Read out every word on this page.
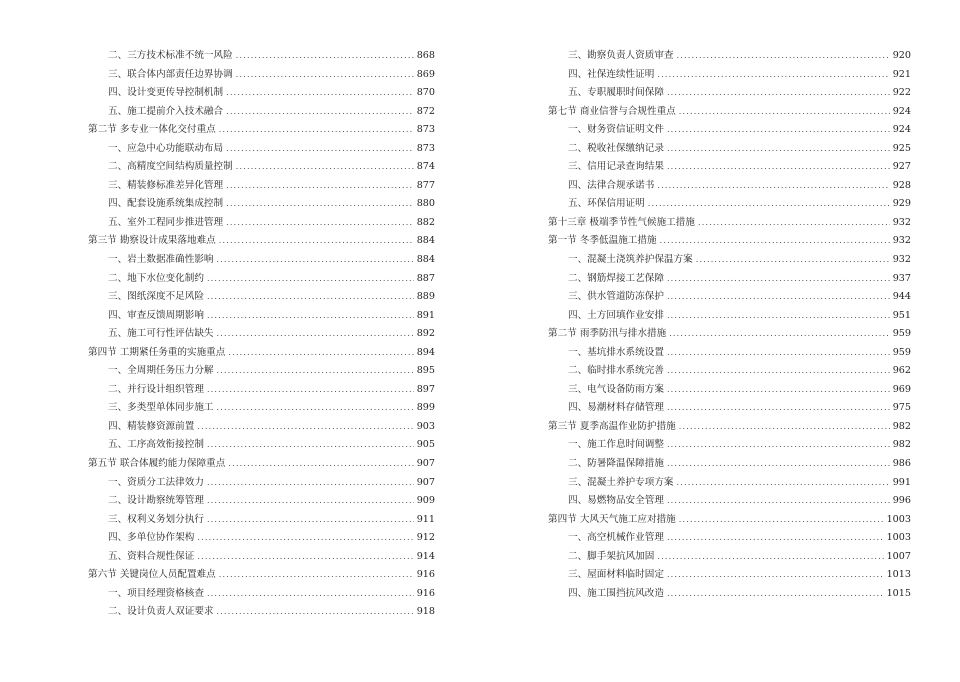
二、三方技术标准不统一风险 .....	868
三、联合体内部责任边界协调 .....	869
四、设计变更传导控制机制 .....	870
五、施工提前介入技术融合 .....	872
第二节 多专业一体化交付重点 .....	873
一、应急中心功能联动布局 .....	873
二、高精度空间结构质量控制 .....	874
三、精装修标准差异化管理 .....	877
四、配套设施系统集成控制 .....	880
五、室外工程同步推进管理 .....	882
第三节 勘察设计成果落地难点 .....	884
一、岩土数据准确性影响 .....	884
二、地下水位变化制约 .....	887
三、图纸深度不足风险 .....	889
四、审查反馈周期影响 .....	891
五、施工可行性评估缺失 .....	892
第四节 工期紧任务重的实施重点 .....	894
一、全周期任务压力分解 .....	895
二、并行设计组织管理 .....	897
三、多类型单体同步施工 .....	899
四、精装修资源前置 .....	903
五、工序高效衔接控制 .....	905
第五节 联合体履约能力保障重点 .....	907
一、资质分工法律效力 .....	907
二、设计勘察统筹管理 .....	909
三、权利义务划分执行 .....	911
四、多单位协作架构 .....	912
五、资料合规性保证 .....	914
第六节 关键岗位人员配置难点 .....	916
一、项目经理资格核查 .....	916
二、设计负责人双证要求 .....	918
三、勘察负责人资质审查 .....	920
四、社保连续性证明 .....	921
五、专职履职时间保障 .....	922
第七节 商业信誉与合规性重点 .....	924
一、财务资信证明文件 .....	924
二、税收社保缴纳记录 .....	925
三、信用记录查询结果 .....	927
四、法律合规承诺书 .....	928
五、环保信用证明 .....	929
第十三章 极端季节性气候施工措施 .....	932
第一节 冬季低温施工措施 .....	932
一、混凝土浇筑养护保温方案 .....	932
二、钢筋焊接工艺保障 .....	937
三、供水管道防冻保护 .....	944
四、土方回填作业安排 .....	951
第二节 雨季防汛与排水措施 .....	959
一、基坑排水系统设置 .....	959
二、临时排水系统完善 .....	962
三、电气设备防雨方案 .....	969
四、易潮材料存储管理 .....	975
第三节 夏季高温作业防护措施 .....	982
一、施工作息时间调整 .....	982
二、防暑降温保障措施 .....	986
三、混凝土养护专项方案 .....	991
四、易燃物品安全管理 .....	996
第四节 大风天气施工应对措施 .....	1003
一、高空机械作业管理 .....	1003
二、脚手架抗风加固 .....	1007
三、屋面材料临时固定 .....	1013
四、施工围挡抗风改造 .....	1015
